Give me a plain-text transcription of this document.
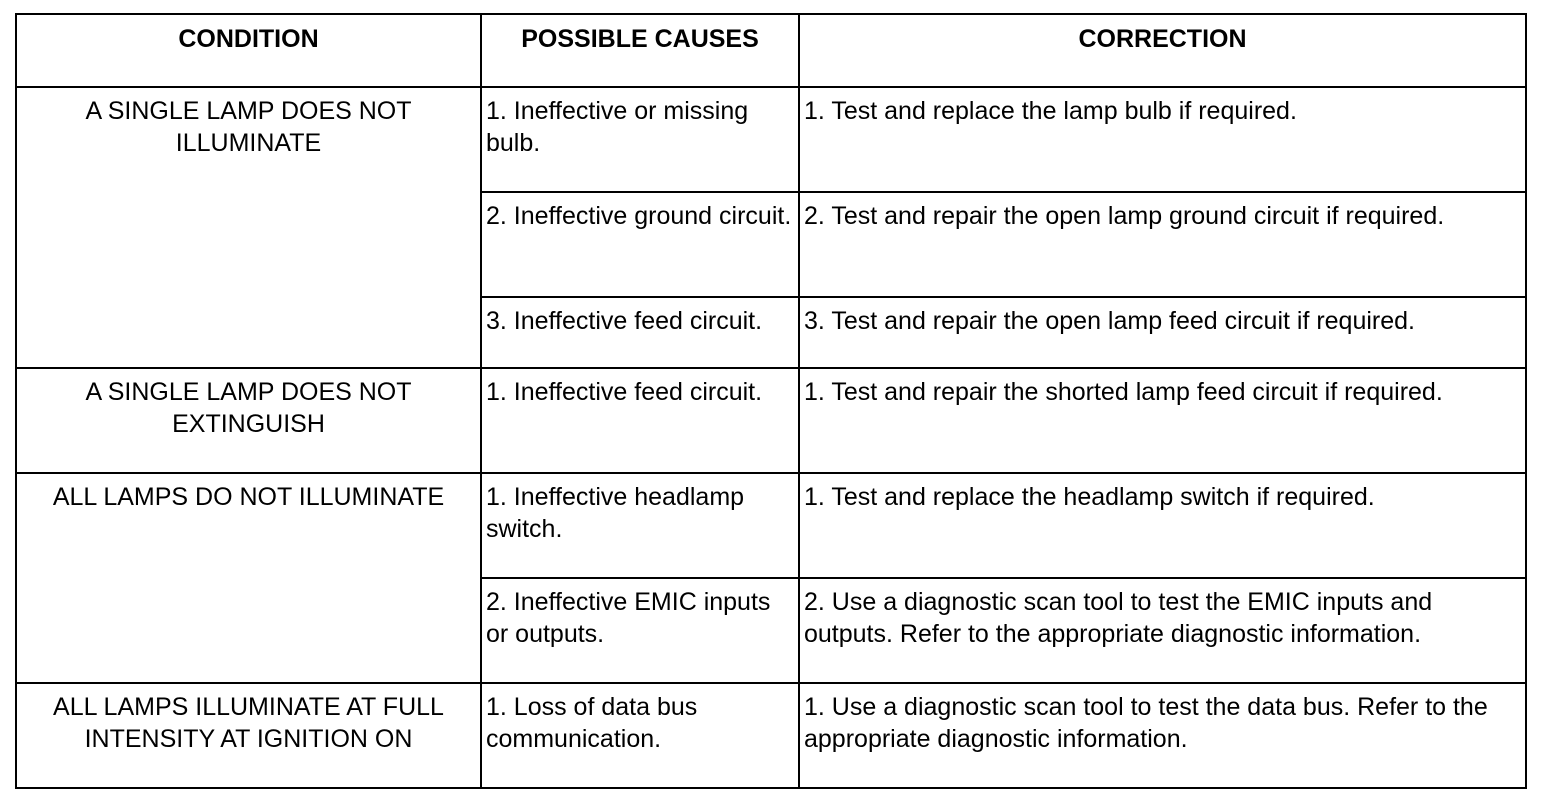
CONDITION	POSSIBLE CAUSES	CORRECTION
A SINGLE LAMP DOES NOT ILLUMINATE	1. Ineffective or missing bulb.	1. Test and replace the lamp bulb if required.
	2. Ineffective ground circuit.	2. Test and repair the open lamp ground circuit if required.
	3. Ineffective feed circuit.	3. Test and repair the open lamp feed circuit if required.
A SINGLE LAMP DOES NOT EXTINGUISH	1. Ineffective feed circuit.	1. Test and repair the shorted lamp feed circuit if required.
ALL LAMPS DO NOT ILLUMINATE	1. Ineffective headlamp switch.	1. Test and replace the headlamp switch if required.
	2. Ineffective EMIC inputs or outputs.	2. Use a diagnostic scan tool to test the EMIC inputs and outputs. Refer to the appropriate diagnostic information.
ALL LAMPS ILLUMINATE AT FULL INTENSITY AT IGNITION ON	1. Loss of data bus communication.	1. Use a diagnostic scan tool to test the data bus. Refer to the appropriate diagnostic information.
